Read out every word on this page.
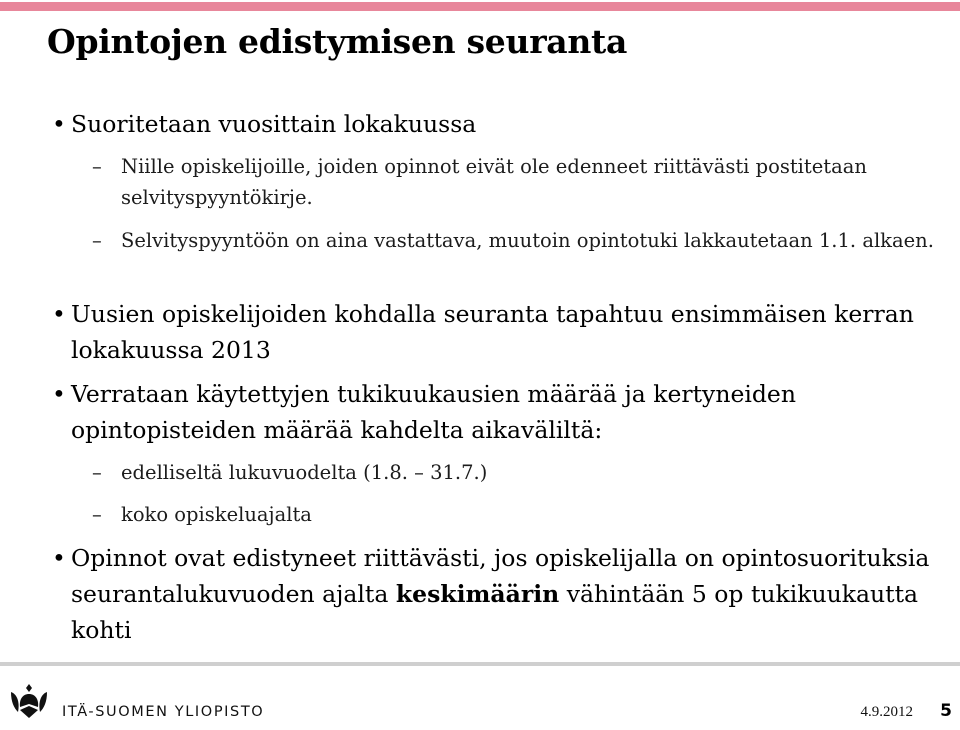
Opintojen edistymisen seuranta
• Suoritetaan vuosittain lokakuussa
– Niille opiskelijoille, joiden opinnot eivät ole edenneet riittävästi postitetaan selvityspyyntökirje.
– Selvityspyyntöön on aina vastattava, muutoin opintotuki lakkautetaan 1.1. alkaen.
• Uusien opiskelijoiden kohdalla seuranta tapahtuu ensimmäisen kerran lokakuussa 2013
• Verrataan käytettyjen tukikuukausien määrää ja kertyneiden opintopisteiden määrää kahdelta aikaväliltä:
– edelliseltä lukuvuodelta (1.8. – 31.7.)
– koko opiskeluajalta
• Opinnot ovat edistyneet riittävästi, jos opiskelijalla on opintosuorituksia seurantalukuvuoden ajalta keskimäärin vähintään 5 op tukikuukautta kohti
ITÄ-SUOMEN YLIOPISTO	4.9.2012 5
